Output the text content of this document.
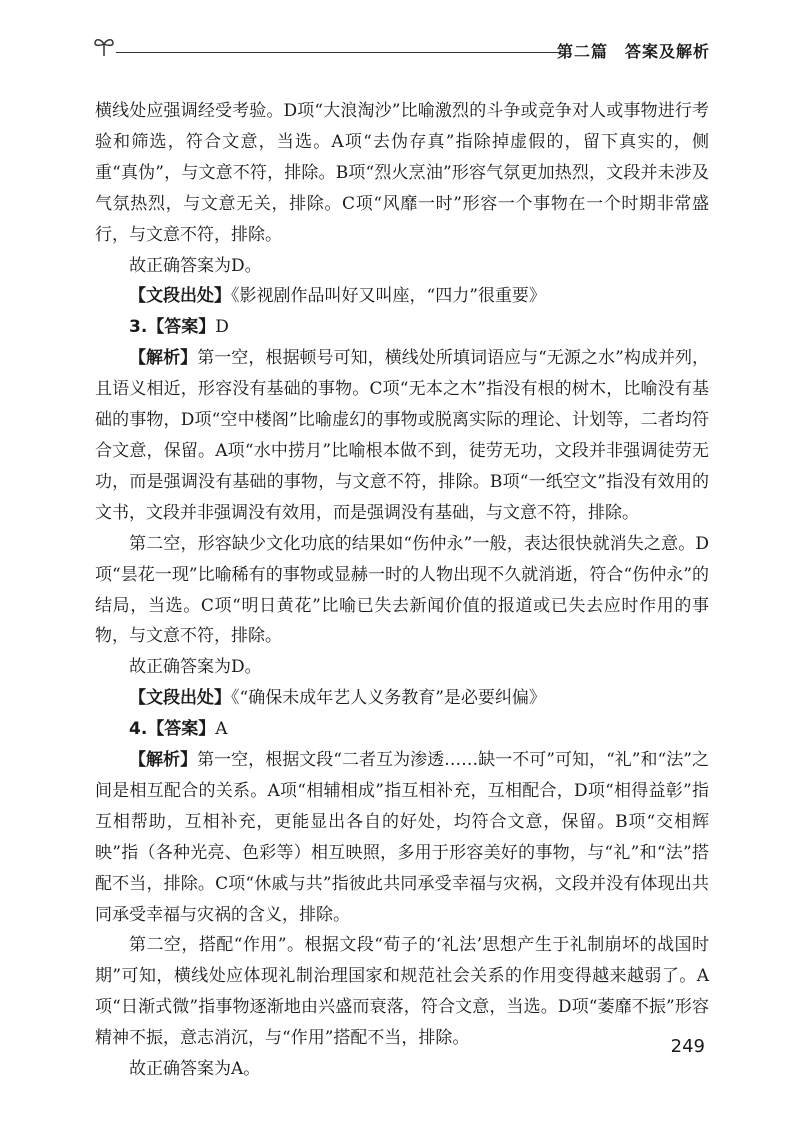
第二篇　答案及解析

横线处应强调经受考验。D项“大浪淘沙”比喻激烈的斗争或竞争对人或事物进行考验和筛选，符合文意，当选。A项“去伪存真”指除掉虚假的，留下真实的，侧重“真伪”，与文意不符，排除。B项“烈火烹油”形容气氛更加热烈，文段并未涉及气氛热烈，与文意无关，排除。C项“风靡一时”形容一个事物在一个时期非常盛行，与文意不符，排除。

故正确答案为D。

【文段出处】《影视剧作品叫好又叫座，“四力”很重要》

3.【答案】D

【解析】第一空，根据顿号可知，横线处所填词语应与“无源之水”构成并列，且语义相近，形容没有基础的事物。C项“无本之木”指没有根的树木，比喻没有基础的事物，D项“空中楼阁”比喻虚幻的事物或脱离实际的理论、计划等，二者均符合文意，保留。A项“水中捞月”比喻根本做不到，徒劳无功，文段并非强调徒劳无功，而是强调没有基础的事物，与文意不符，排除。B项“一纸空文”指没有效用的文书，文段并非强调没有效用，而是强调没有基础，与文意不符，排除。

第二空，形容缺少文化功底的结果如“伤仲永”一般，表达很快就消失之意。D项“昙花一现”比喻稀有的事物或显赫一时的人物出现不久就消逝，符合“伤仲永”的结局，当选。C项“明日黄花”比喻已失去新闻价值的报道或已失去应时作用的事物，与文意不符，排除。

故正确答案为D。

【文段出处】《“确保未成年艺人义务教育”是必要纠偏》

4.【答案】A

【解析】第一空，根据文段“二者互为渗透……缺一不可”可知，“礼”和“法”之间是相互配合的关系。A项“相辅相成”指互相补充，互相配合，D项“相得益彰”指互相帮助，互相补充，更能显出各自的好处，均符合文意，保留。B项“交相辉映”指（各种光亮、色彩等）相互映照，多用于形容美好的事物，与“礼”和“法”搭配不当，排除。C项“休戚与共”指彼此共同承受幸福与灾祸，文段并没有体现出共同承受幸福与灾祸的含义，排除。

第二空，搭配“作用”。根据文段“荀子的‘礼法’思想产生于礼制崩坏的战国时期”可知，横线处应体现礼制治理国家和规范社会关系的作用变得越来越弱了。A项“日渐式微”指事物逐渐地由兴盛而衰落，符合文意，当选。D项“萎靡不振”形容精神不振，意志消沉，与“作用”搭配不当，排除。

故正确答案为A。

249
